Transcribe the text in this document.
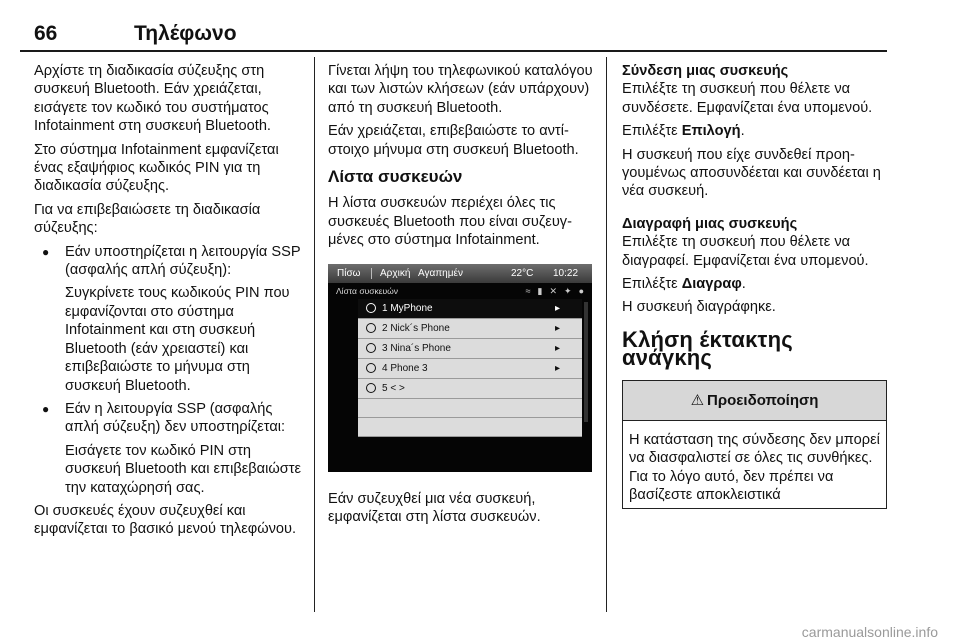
66	Τηλέφωνο

Αρχίστε τη διαδικασία σύζευξης στη συσκευή Bluetooth. Εάν χρειάζεται, εισάγετε τον κωδικό του συστήματος Infotainment στη συσκευή Bluetooth.

Στο σύστημα Infotainment εμφανίζεται ένας εξαψήφιος κωδικός PIN για τη διαδικασία σύζευξης.

Για να επιβεβαιώσετε τη διαδικασία σύζευξης:

● Εάν υποστηρίζεται η λειτουργία SSP (ασφαλής απλή σύζευξη):
Συγκρίνετε τους κωδικούς PIN που εμφανίζονται στο σύστημα Infotainment και στη συσκευή Bluetooth (εάν χρειαστεί) και επιβεβαιώστε το μήνυμα στη συσκευή Bluetooth.
● Εάν η λειτουργία SSP (ασφαλής απλή σύζευξη) δεν υποστηρίζεται:
Εισάγετε τον κωδικό PIN στη συσκευή Bluetooth και επιβεβαιώστε την καταχώρησή σας.

Οι συσκευές έχουν συζευχθεί και εμφανίζεται το βασικό μενού τηλεφώνου.

Γίνεται λήψη του τηλεφωνικού καταλόγου και των λιστών κλήσεων (εάν υπάρχουν) από τη συσκευή Bluetooth.

Εάν χρειάζεται, επιβεβαιώστε το αντίστοιχο μήνυμα στη συσκευή Bluetooth.

Λίστα συσκευών

Η λίστα συσκευών περιέχει όλες τις συσκευές Bluetooth που είναι συζευγμένες στο σύστημα Infotainment.

Πίσω Αρχική Αγαπημέν	22°C 10:22
Λίστα συσκευών	≈ ▮ ✕ ✦ ●
1 MyPhone	▸
2 Nick´s Phone	▸
3 Nina´s Phone	▸
4 Phone 3	▸
5 < >

Εάν συζευχθεί μια νέα συσκευή, εμφανίζεται στη λίστα συσκευών.

Σύνδεση μιας συσκευής

Επιλέξτε τη συσκευή που θέλετε να συνδέσετε. Εμφανίζεται ένα υπομενού.

Επιλέξτε Επιλογή.

Η συσκευή που είχε συνδεθεί προηγουμένως αποσυνδέεται και συνδέεται η νέα συσκευή.

Διαγραφή μιας συσκευής

Επιλέξτε τη συσκευή που θέλετε να διαγραφεί. Εμφανίζεται ένα υπομενού.

Επιλέξτε Διαγραφ.

Η συσκευή διαγράφηκε.

Κλήση έκτακτης ανάγκης
⚠ Προειδοποίηση
Η κατάσταση της σύνδεσης δεν μπορεί να διασφαλιστεί σε όλες τις συνθήκες. Για το λόγο αυτό, δεν πρέπει να βασίζεστε αποκλειστικά
carmanualsonline.info
